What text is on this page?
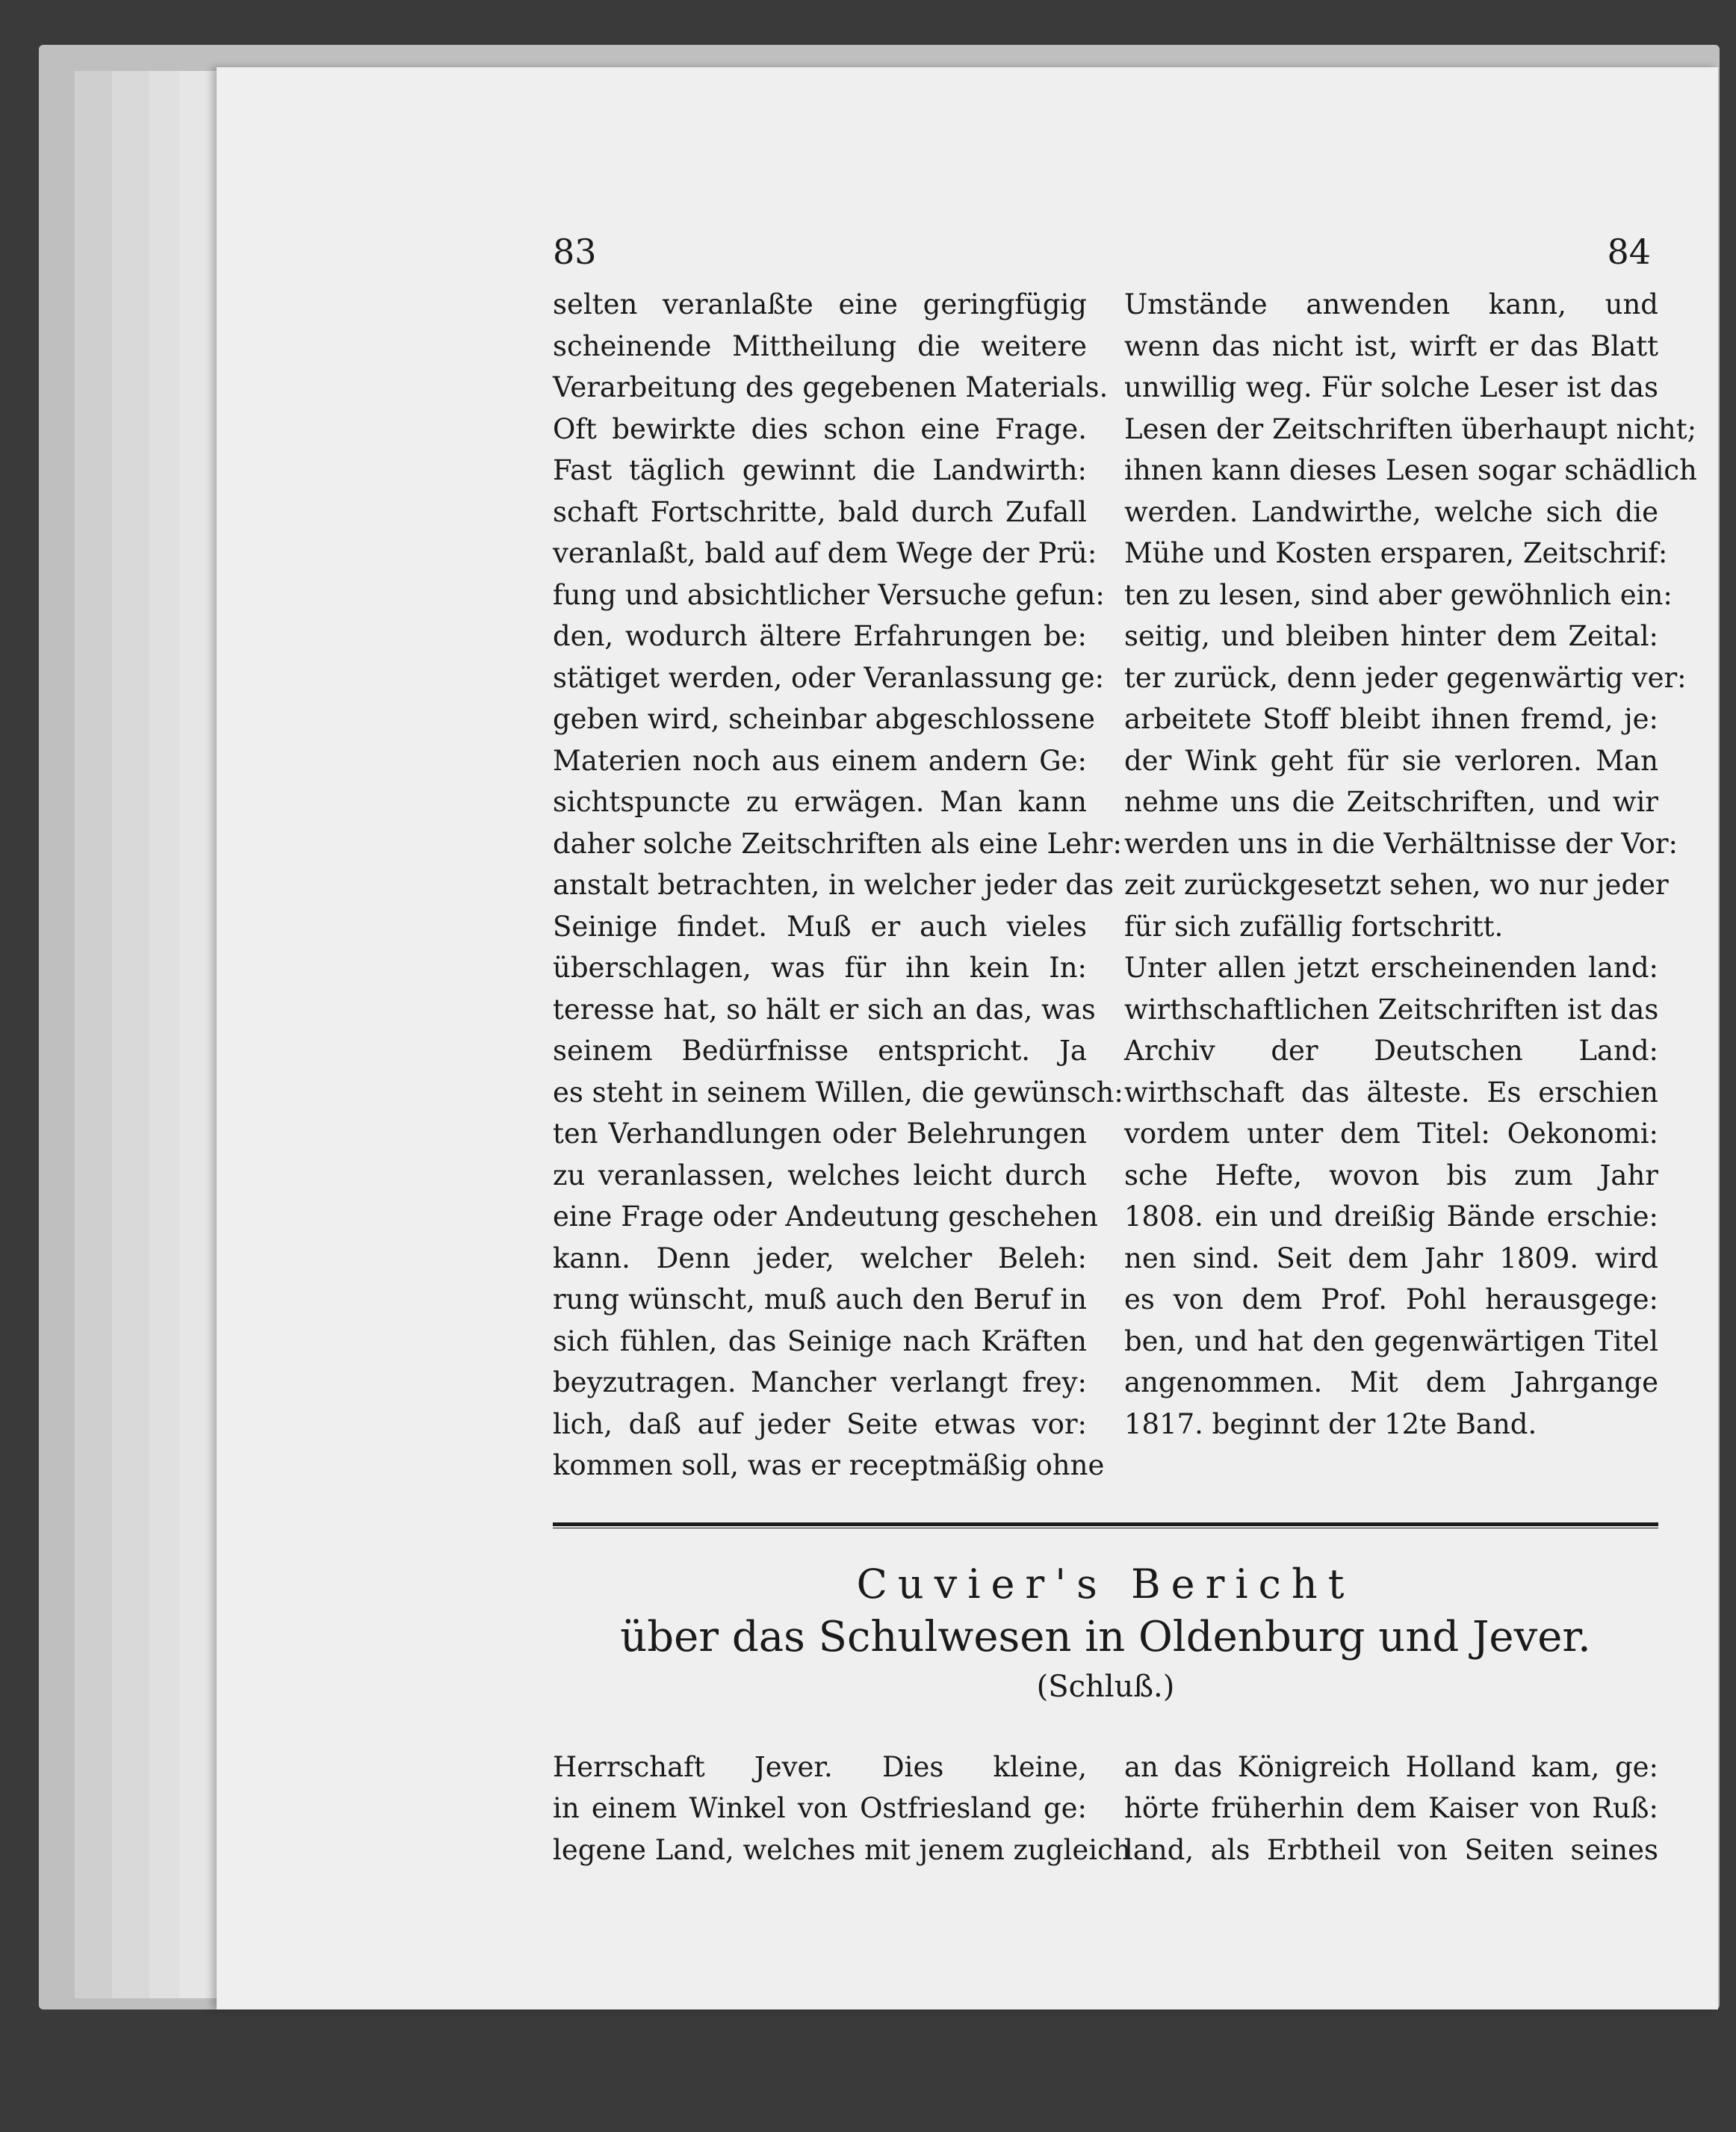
83	84
selten veranlaßte eine geringfügig
scheinende Mittheilung die weitere
Verarbeitung des gegebenen Materials.
Oft bewirkte dies schon eine Frage.
Fast täglich gewinnt die Landwirth:
schaft Fortschritte, bald durch Zufall
veranlaßt, bald auf dem Wege der Prü:
fung und absichtlicher Versuche gefun:
den, wodurch ältere Erfahrungen be:
stätiget werden, oder Veranlassung ge:
geben wird, scheinbar abgeschlossene
Materien noch aus einem andern Ge:
sichtspuncte zu erwägen. Man kann
daher solche Zeitschriften als eine Lehr:
anstalt betrachten, in welcher jeder das
Seinige findet. Muß er auch vieles
überschlagen, was für ihn kein In:
teresse hat, so hält er sich an das, was
seinem Bedürfnisse entspricht. Ja
es steht in seinem Willen, die gewünsch:
ten Verhandlungen oder Belehrungen
zu veranlassen, welches leicht durch
eine Frage oder Andeutung geschehen
kann. Denn jeder, welcher Beleh:
rung wünscht, muß auch den Beruf in
sich fühlen, das Seinige nach Kräften
beyzutragen. Mancher verlangt frey:
lich, daß auf jeder Seite etwas vor:
kommen soll, was er receptmäßig ohne
Umstände anwenden kann, und
wenn das nicht ist, wirft er das Blatt
unwillig weg. Für solche Leser ist das
Lesen der Zeitschriften überhaupt nicht;
ihnen kann dieses Lesen sogar schädlich
werden. Landwirthe, welche sich die
Mühe und Kosten ersparen, Zeitschrif:
ten zu lesen, sind aber gewöhnlich ein:
seitig, und bleiben hinter dem Zeital:
ter zurück, denn jeder gegenwärtig ver:
arbeitete Stoff bleibt ihnen fremd, je:
der Wink geht für sie verloren. Man
nehme uns die Zeitschriften, und wir
werden uns in die Verhältnisse der Vor:
zeit zurückgesetzt sehen, wo nur jeder
für sich zufällig fortschritt.
Unter allen jetzt erscheinenden land:
wirthschaftlichen Zeitschriften ist das
Archiv der Deutschen Land:
wirthschaft das älteste. Es erschien
vordem unter dem Titel: Oekonomi:
sche Hefte, wovon bis zum Jahr
1808. ein und dreißig Bände erschie:
nen sind. Seit dem Jahr 1809. wird
es von dem Prof. Pohl herausgege:
ben, und hat den gegenwärtigen Titel
angenommen. Mit dem Jahrgange
1817. beginnt der 12te Band.
Cuvier's Bericht
über das Schulwesen in Oldenburg und Jever.
(Schluß.)
Herrschaft Jever. Dies kleine,
in einem Winkel von Ostfriesland ge:
legene Land, welches mit jenem zugleich
an das Königreich Holland kam, ge:
hörte früherhin dem Kaiser von Ruß:
land, als Erbtheil von Seiten seines
